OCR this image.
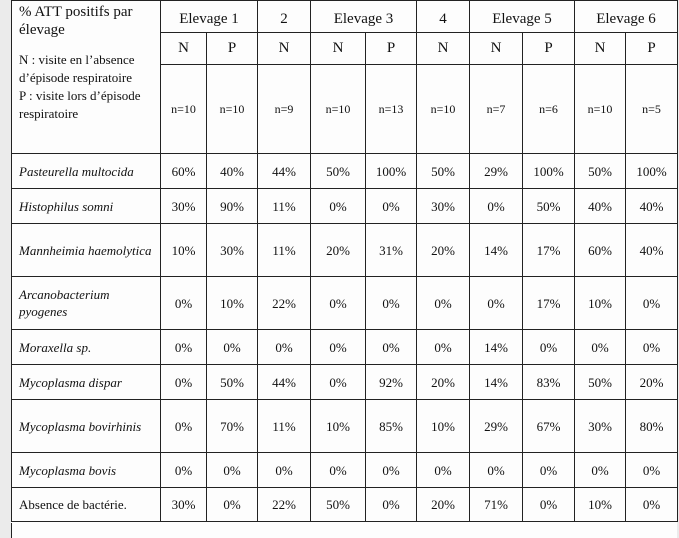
% ATT positifs par élevage
N : visite en l’absence d’épisode respiratoire
P : visite lors d’épisode respiratoire	Elevage 1		2	Elevage 3		4	Elevage 5		Elevage 6	
	N	P	N	N	P	N	N	P	N	P
	n=10	n=10	n=9	n=10	n=13	n=10	n=7	n=6	n=10	n=5
Pasteurella multocida	60%	40%	44%	50%	100%	50%	29%	100%	50%	100%
Histophilus somni	30%	90%	11%	0%	0%	30%	0%	50%	40%	40%
Mannheimia haemolytica	10%	30%	11%	20%	31%	20%	14%	17%	60%	40%
Arcanobacterium pyogenes	0%	10%	22%	0%	0%	0%	0%	17%	10%	0%
Moraxella sp.	0%	0%	0%	0%	0%	0%	14%	0%	0%	0%
Mycoplasma dispar	0%	50%	44%	0%	92%	20%	14%	83%	50%	20%
Mycoplasma bovirhinis	0%	70%	11%	10%	85%	10%	29%	67%	30%	80%
Mycoplasma bovis	0%	0%	0%	0%	0%	0%	0%	0%	0%	0%
Absence de bactérie.	30%	0%	22%	50%	0%	20%	71%	0%	10%	0%
